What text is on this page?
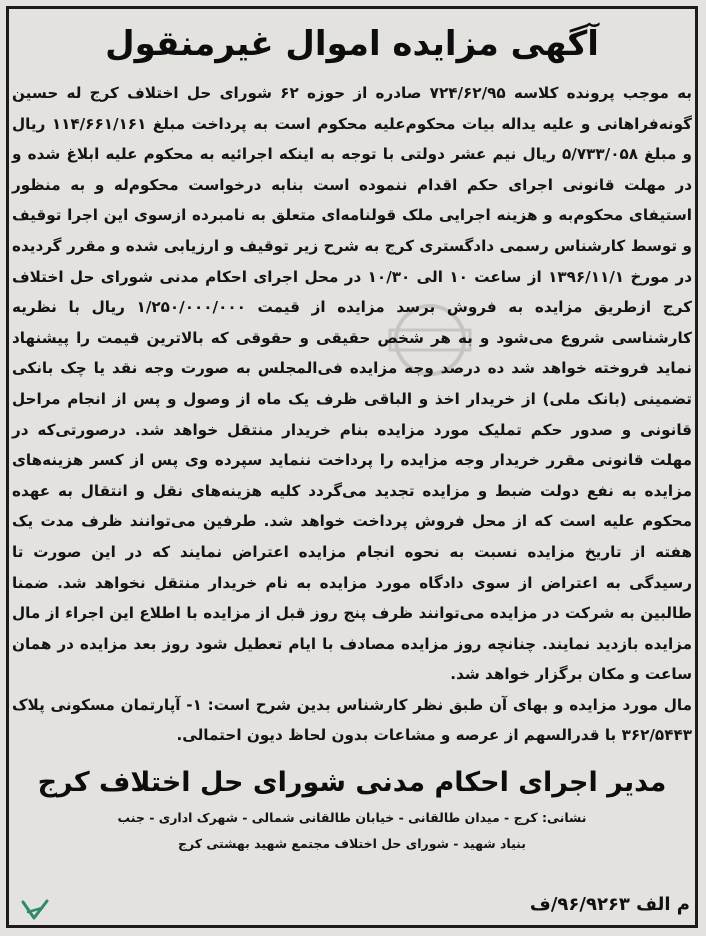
آگهی مزایده اموال غیرمنقول

به موجب پرونده کلاسه ۷۲۴/۶۲/۹۵ صادره از حوزه ۶۲ شورای حل اختلاف کرج له حسین گونه‌فراهانی و علیه یداله بیات محکوم‌علیه محکوم است به پرداخت مبلغ ۱۱۴/۶۶۱/۱۶۱ ریال و مبلغ ۵/۷۳۳/۰۵۸ ریال نیم عشر دولتی با توجه به اینکه اجرائیه به محکوم علیه ابلاغ شده و در مهلت قانونی اجرای حکم اقدام ننموده است بنابه درخواست محکوم‌له و به منظور استیفای محکوم‌به و هزینه اجرایی ملک قولنامه‌ای متعلق به نامبرده ازسوی این اجرا توقیف و توسط کارشناس رسمی دادگستری کرج به شرح زیر توقیف و ارزیابی شده و مقرر گردیده در مورخ ۱۳۹۶/۱۱/۱ از ساعت ۱۰ الی ۱۰/۳۰ در محل اجرای احکام مدنی شورای حل اختلاف کرج ازطریق مزایده به فروش برسد مزایده از قیمت ۱/۲۵۰/۰۰۰/۰۰۰ ریال با نظریه کارشناسی شروع می‌شود و به هر شخص حقیقی و حقوقی که بالاترین قیمت را پیشنهاد نماید فروخته خواهد شد ده درصد وجه مزایده فی‌المجلس به صورت وجه نقد یا چک بانکی تضمینی (بانک ملی) از خریدار اخذ و الباقی ظرف یک ماه از وصول و پس از انجام مراحل قانونی و صدور حکم تملیک مورد مزایده بنام خریدار منتقل خواهد شد. درصورتی‌که در مهلت قانونی مقرر خریدار وجه مزایده را پرداخت ننماید سپرده وی پس از کسر هزینه‌های مزایده به نفع دولت ضبط و مزایده تجدید می‌گردد کلیه هزینه‌های نقل و انتقال به عهده محکوم علیه است که از محل فروش پرداخت خواهد شد. طرفین می‌توانند ظرف مدت یک هفته از تاریخ مزایده نسبت به نحوه انجام مزایده اعتراض نمایند که در این صورت تا رسیدگی به اعتراض از سوی دادگاه مورد مزایده به نام خریدار منتقل نخواهد شد. ضمنا طالبین به شرکت در مزایده می‌توانند ظرف پنج روز قبل از مزایده با اطلاع این اجراء از مال مزایده بازدید نمایند. چنانچه روز مزایده مصادف با ایام تعطیل شود روز بعد مزایده در همان ساعت و مکان برگزار خواهد شد.

مال مورد مزایده و بهای آن طبق نظر کارشناس بدین شرح است: ۱- آپارتمان مسکونی پلاک ۳۶۲/۵۴۴۳ با قدرالسهم از عرصه و مشاعات بدون لحاظ دیون احتمالی.

مدیر اجرای احکام مدنی شورای حل اختلاف کرج
نشانی: کرج - میدان طالقانی - خیابان طالقانی شمالی - شهرک اداری - جنب
بنیاد شهید - شورای حل اختلاف مجتمع شهید بهشتی کرج
م الف ۹۶/۹۲۶۳/ف
